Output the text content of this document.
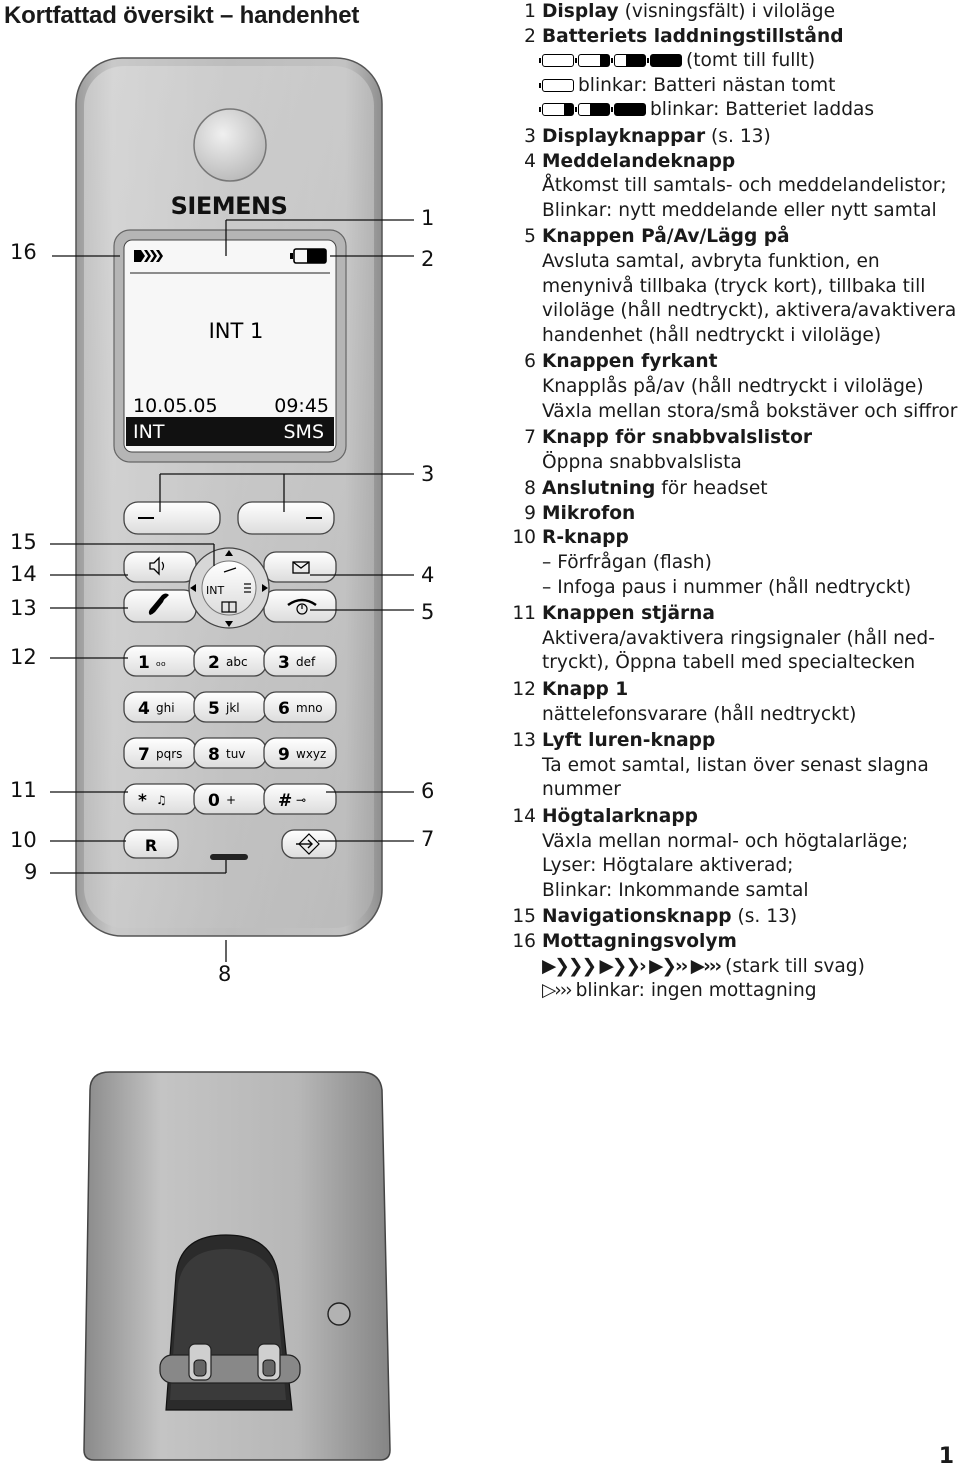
Kortfattad översikt – handenhet
SIEMENS
INT 1
10.05.05	09:45
INT	SMS
INT
1 ₒₒ 2 abc 3 def
4 ghi 5 jkl 6 mno
7 pqrs 8 tuv 9 wxyz
* ♫ 0 + # ⊸
R
16
15
14
13
12
11
10
9
1
2
3
4
5
6
7
8
1 Display (visningsfält) i viloläge
2 Batteriets laddningstillstånd
(tomt till fullt)
blinkar: Batteri nästan tomt
blinkar: Batteriet laddas
3 Displayknappar (s. 13)
4 Meddelandeknapp
Åtkomst till samtals- och meddelandelistor;
Blinkar: nytt meddelande eller nytt samtal
5 Knappen På/Av/Lägg på
Avsluta samtal, avbryta funktion, en
menynivå tillbaka (tryck kort), tillbaka till
viloläge (håll nedtryckt), aktivera/avaktivera
handenhet (håll nedtryckt i viloläge)
6 Knappen fyrkant
Knapplås på/av (håll nedtryckt i viloläge)
Växla mellan stora/små bokstäver och siffror
7 Knapp för snabbvalslistor
Öppna snabbvalslista
8 Anslutning för headset
9 Mikrofon
10 R-knapp
– Förfrågan (flash)
– Infoga paus i nummer (håll nedtryckt)
11 Knappen stjärna
Aktivera/avaktivera ringsignaler (håll ned-
tryckt), Öppna tabell med specialtecken
12 Knapp 1
nättelefonsvarare (håll nedtryckt)
13 Lyft luren-knapp
Ta emot samtal, listan över senast slagna
nummer
14 Högtalarknapp
Växla mellan normal- och högtalarläge;
Lyser: Högtalare aktiverad;
Blinkar: Inkommande samtal
15 Navigationsknapp (s. 13)
16 Mottagningsvolym
▶❯❯❯ ▶❯❯› ▶❯›› ▶››› (stark till svag)
▷››› blinkar: ingen mottagning
1
